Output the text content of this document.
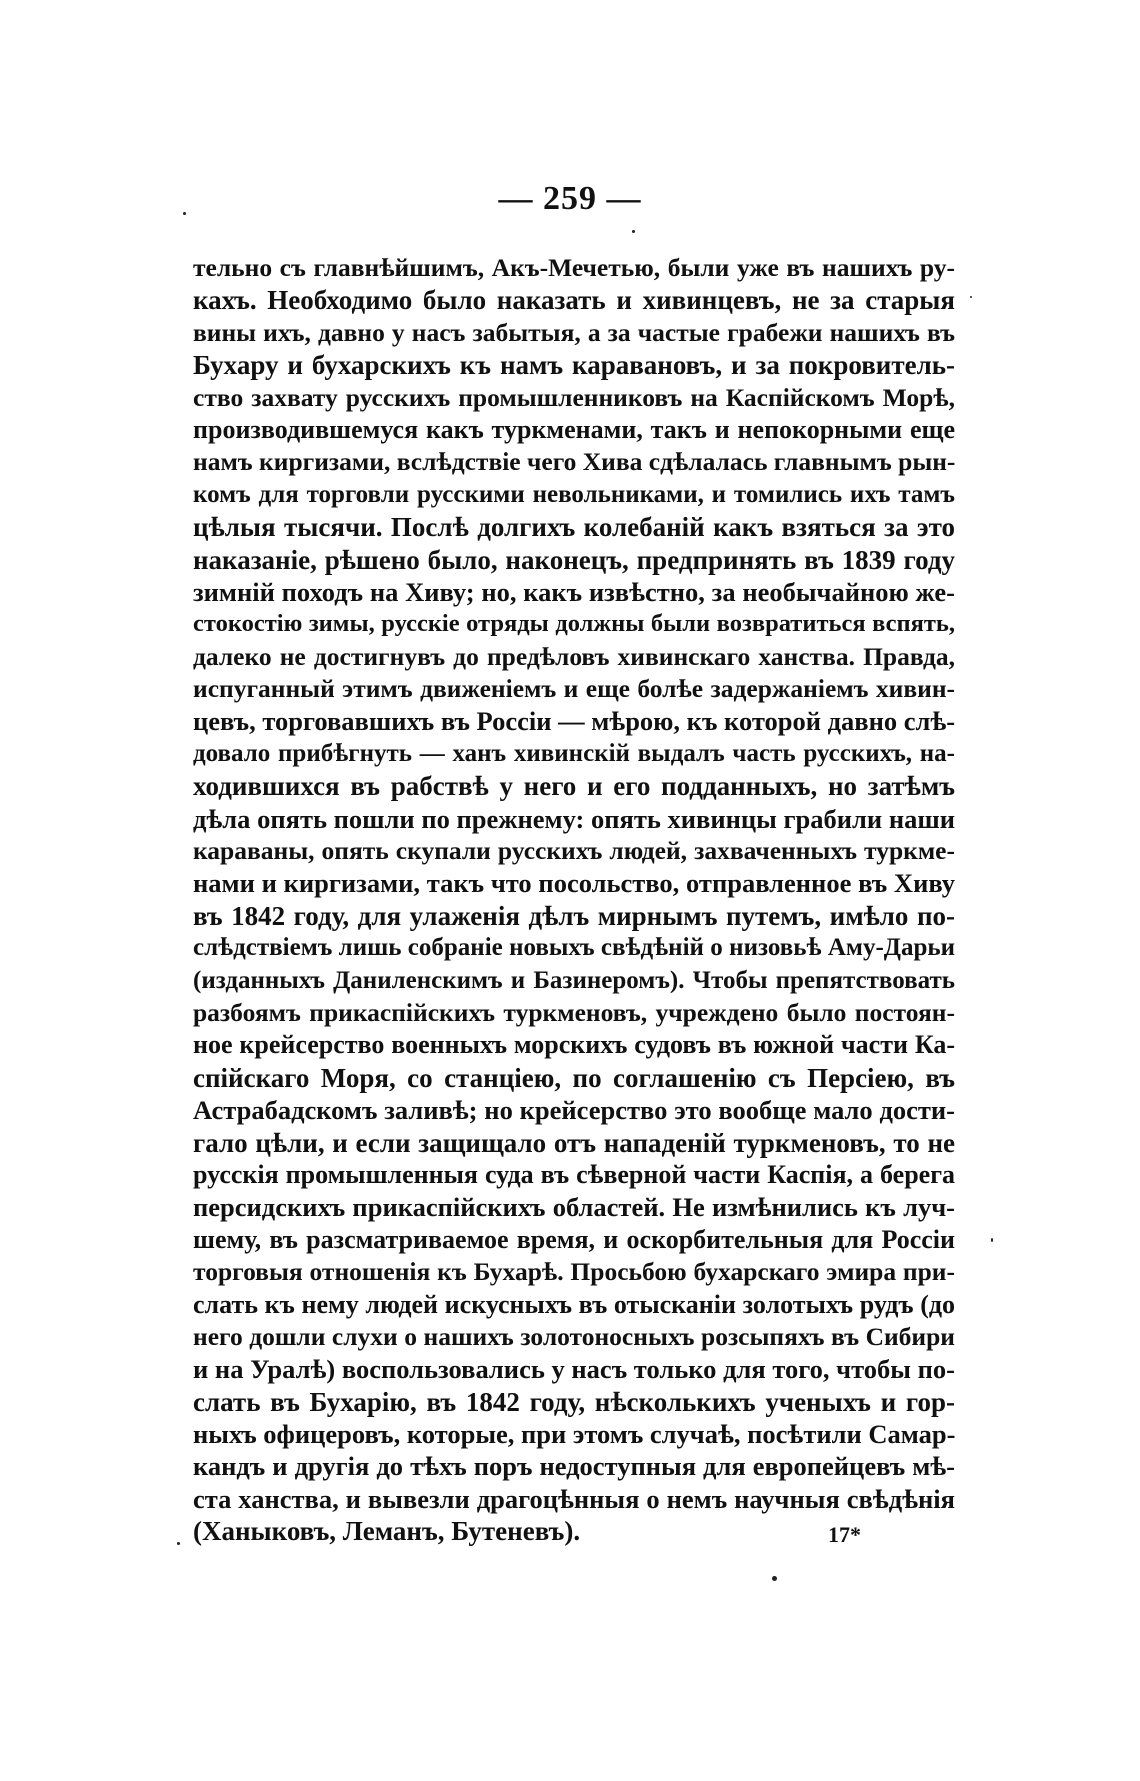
— 259 —
тельно съ главнѣйшимъ, Акъ-Мечетью, были уже въ нашихъ ру-
кахъ. Необходимо было наказать и хивинцевъ, не за старыя
вины ихъ, давно у насъ забытыя, а за частые грабежи нашихъ въ
Бухару и бухарскихъ къ намъ каравановъ, и за покровитель-
ство захвату русскихъ промышленниковъ на Каспійскомъ Морѣ,
производившемуся какъ туркменами, такъ и непокорными еще
намъ киргизами, вслѣдствіе чего Хива сдѣлалась главнымъ рын-
комъ для торговли русскими невольниками, и томились ихъ тамъ
цѣлыя тысячи. Послѣ долгихъ колебаній какъ взяться за это
наказаніе, рѣшено было, наконецъ, предпринять въ 1839 году
зимній походъ на Хиву; но, какъ извѣстно, за необычайною же-
стокостію зимы, русскіе отряды должны были возвратиться вспять,
далеко не достигнувъ до предѣловъ хивинскаго ханства. Правда,
испуганный этимъ движеніемъ и еще болѣе задержаніемъ хивин-
цевъ, торговавшихъ въ Россіи — мѣрою, къ которой давно слѣ-
довало прибѣгнуть — ханъ хивинскій выдалъ часть русскихъ, на-
ходившихся въ рабствѣ у него и его подданныхъ, но затѣмъ
дѣла опять пошли по прежнему: опять хивинцы грабили наши
караваны, опять скупали русскихъ людей, захваченныхъ туркме-
нами и киргизами, такъ что посольство, отправленное въ Хиву
въ 1842 году, для улаженія дѣлъ мирнымъ путемъ, имѣло по-
слѣдствіемъ лишь собраніе новыхъ свѣдѣній о низовьѣ Аму-Дарьи
(изданныхъ Даниленскимъ и Базинеромъ). Чтобы препятствовать
разбоямъ прикаспійскихъ туркменовъ, учреждено было постоян-
ное крейсерство военныхъ морскихъ судовъ въ южной части Ка-
спійскаго Моря, со станціею, по соглашенію съ Персіею, въ
Астрабадскомъ заливѣ; но крейсерство это вообще мало дости-
гало цѣли, и если защищало отъ нападеній туркменовъ, то не
русскія промышленныя суда въ сѣверной части Каспія, а берега
персидскихъ прикаспійскихъ областей. Не измѣнились къ луч-
шему, въ разсматриваемое время, и оскорбительныя для Россіи
торговыя отношенія къ Бухарѣ. Просьбою бухарскаго эмира при-
слать къ нему людей искусныхъ въ отысканіи золотыхъ рудъ (до
него дошли слухи о нашихъ золотоносныхъ розсыпяхъ въ Сибири
и на Уралѣ) воспользовались у насъ только для того, чтобы по-
слать въ Бухарію, въ 1842 году, нѣсколькихъ ученыхъ и гор-
ныхъ офицеровъ, которые, при этомъ случаѣ, посѣтили Самар-
кандъ и другія до тѣхъ поръ недоступныя для европейцевъ мѣ-
ста ханства, и вывезли драгоцѣнныя о немъ научныя свѣдѣнія
(Ханыковъ, Леманъ, Бутеневъ).	17*
